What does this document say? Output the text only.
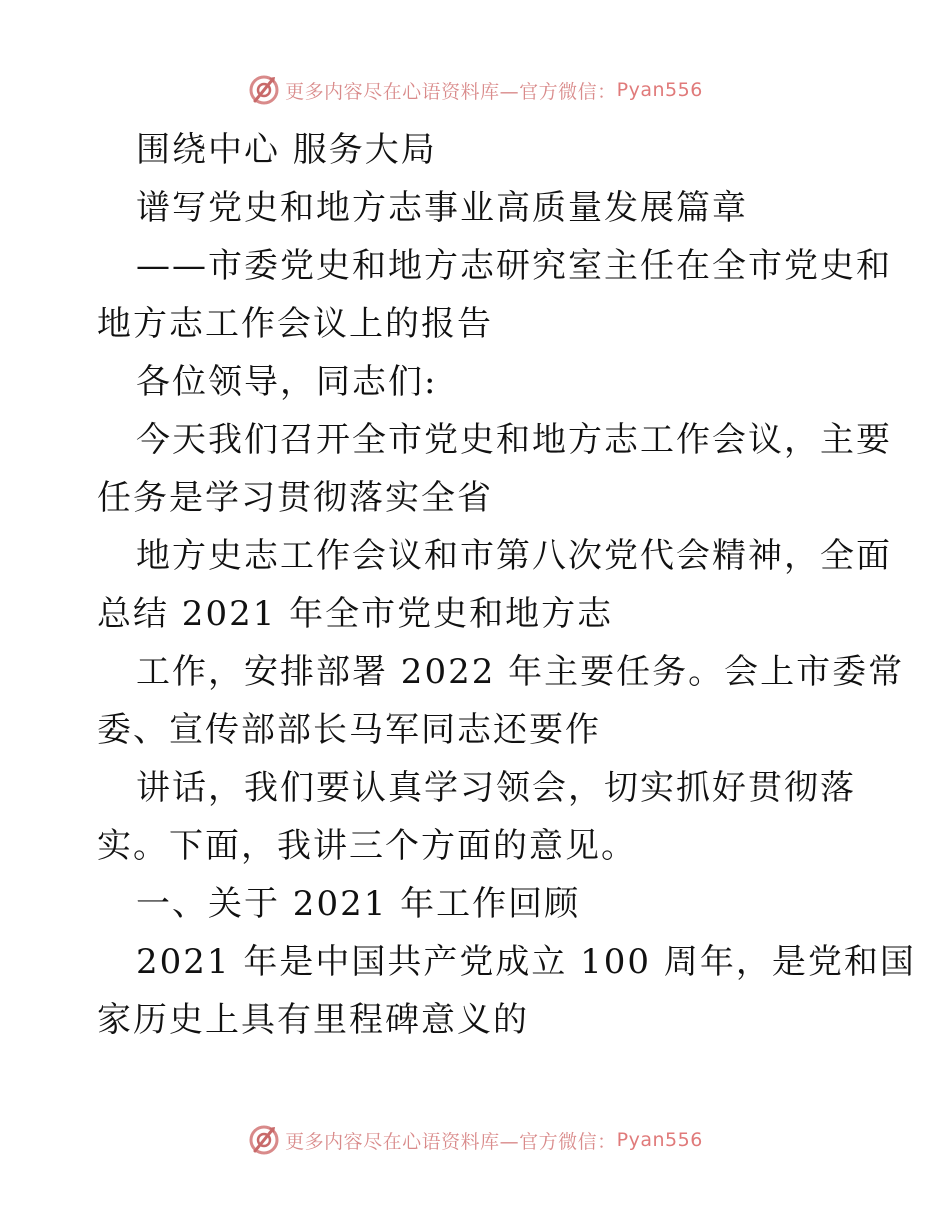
更多内容尽在心语资料库—官方微信： Pyan556

围绕中心 服务大局

谱写党史和地方志事业高质量发展篇章

——市委党史和地方志研究室主任在全市党史和

地方志工作会议上的报告

各位领导，同志们:

今天我们召开全市党史和地方志工作会议，主要

任务是学习贯彻落实全省

地方史志工作会议和市第八次党代会精神，全面

总结 2021 年全市党史和地方志

工作，安排部署 2022 年主要任务。会上市委常

委、宣传部部长马军同志还要作

讲话，我们要认真学习领会，切实抓好贯彻落

实。下面，我讲三个方面的意见。

一、关于 2021 年工作回顾

2021 年是中国共产党成立 100 周年，是党和国

家历史上具有里程碑意义的

更多内容尽在心语资料库—官方微信： Pyan556
